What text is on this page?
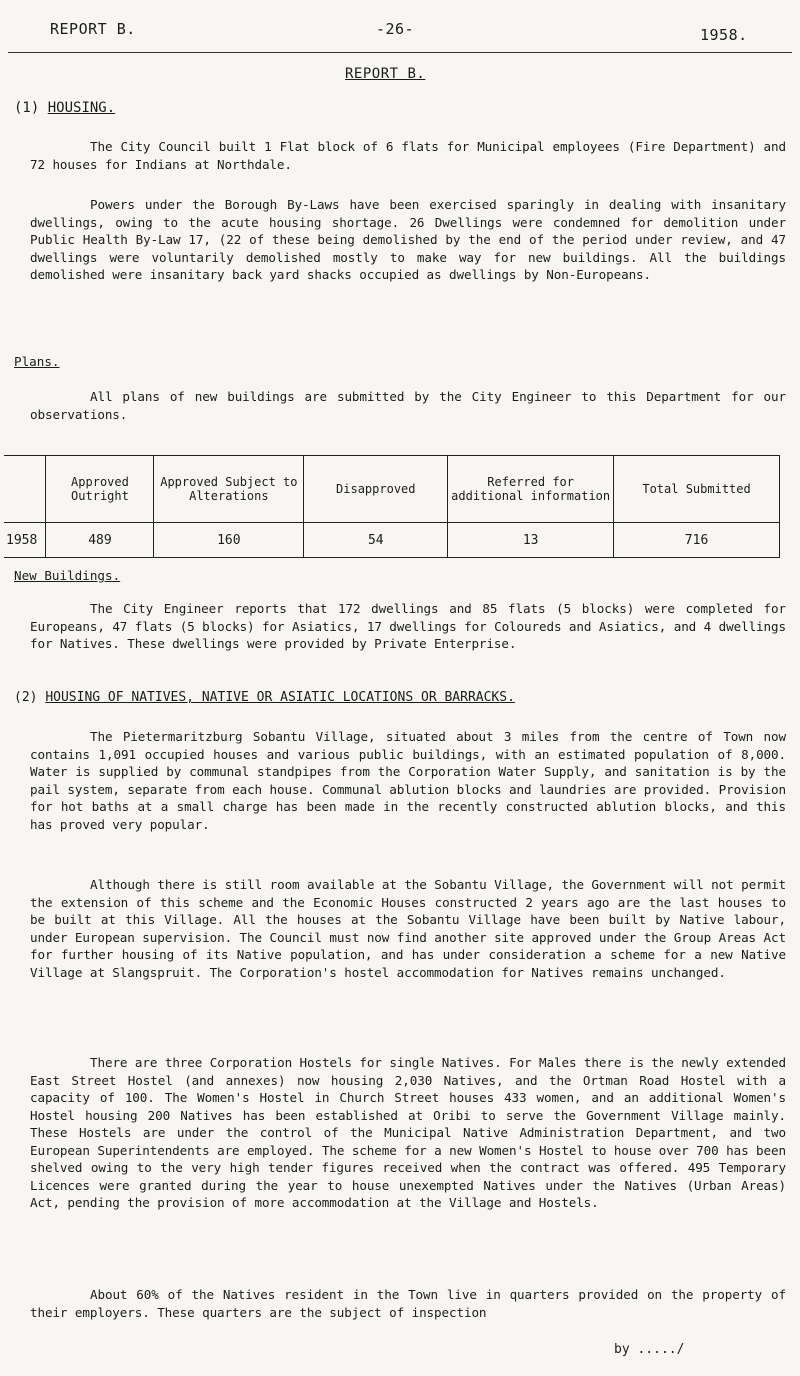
REPORT B.	-26-	1958.
REPORT B.
(1) HOUSING.

The City Council built 1 Flat block of 6 flats for Municipal employees (Fire Department) and 72 houses for Indians at Northdale.

Powers under the Borough By-Laws have been exercised sparingly in dealing with insanitary dwellings, owing to the acute housing shortage. 26 Dwellings were condemned for demolition under Public Health By-Law 17, (22 of these being demolished by the end of the period under review, and 47 dwellings were voluntarily demolished mostly to make way for new buildings. All the buildings demolished were insanitary back yard shacks occupied as dwellings by Non-Europeans.

Plans.

All plans of new buildings are submitted by the City Engineer to this Department for our observations.

	Approved Outright	Approved Subject to Alterations	Disapproved	Referred for additional information	Total Submitted
1958	489	160	54	13	716
New Buildings.

The City Engineer reports that 172 dwellings and 85 flats (5 blocks) were completed for Europeans, 47 flats (5 blocks) for Asiatics, 17 dwellings for Coloureds and Asiatics, and 4 dwellings for Natives. These dwellings were provided by Private Enterprise.

(2) HOUSING OF NATIVES, NATIVE OR ASIATIC LOCATIONS OR BARRACKS.

The Pietermaritzburg Sobantu Village, situated about 3 miles from the centre of Town now contains 1,091 occupied houses and various public buildings, with an estimated population of 8,000. Water is supplied by communal standpipes from the Corporation Water Supply, and sanitation is by the pail system, separate from each house. Communal ablution blocks and laundries are provided. Provision for hot baths at a small charge has been made in the recently constructed ablution blocks, and this has proved very popular.

Although there is still room available at the Sobantu Village, the Government will not permit the extension of this scheme and the Economic Houses constructed 2 years ago are the last houses to be built at this Village. All the houses at the Sobantu Village have been built by Native labour, under European supervision. The Council must now find another site approved under the Group Areas Act for further housing of its Native population, and has under consideration a scheme for a new Native Village at Slangspruit. The Corporation's hostel accommodation for Natives remains unchanged.

There are three Corporation Hostels for single Natives. For Males there is the newly extended East Street Hostel (and annexes) now housing 2,030 Natives, and the Ortman Road Hostel with a capacity of 100. The Women's Hostel in Church Street houses 433 women, and an additional Women's Hostel housing 200 Natives has been established at Oribi to serve the Government Village mainly. These Hostels are under the control of the Municipal Native Administration Department, and two European Superintendents are employed. The scheme for a new Women's Hostel to house over 700 has been shelved owing to the very high tender figures received when the contract was offered. 495 Temporary Licences were granted during the year to house unexempted Natives under the Natives (Urban Areas) Act, pending the provision of more accommodation at the Village and Hostels.

About 60% of the Natives resident in the Town live in quarters provided on the property of their employers. These quarters are the subject of inspection

by ...../
